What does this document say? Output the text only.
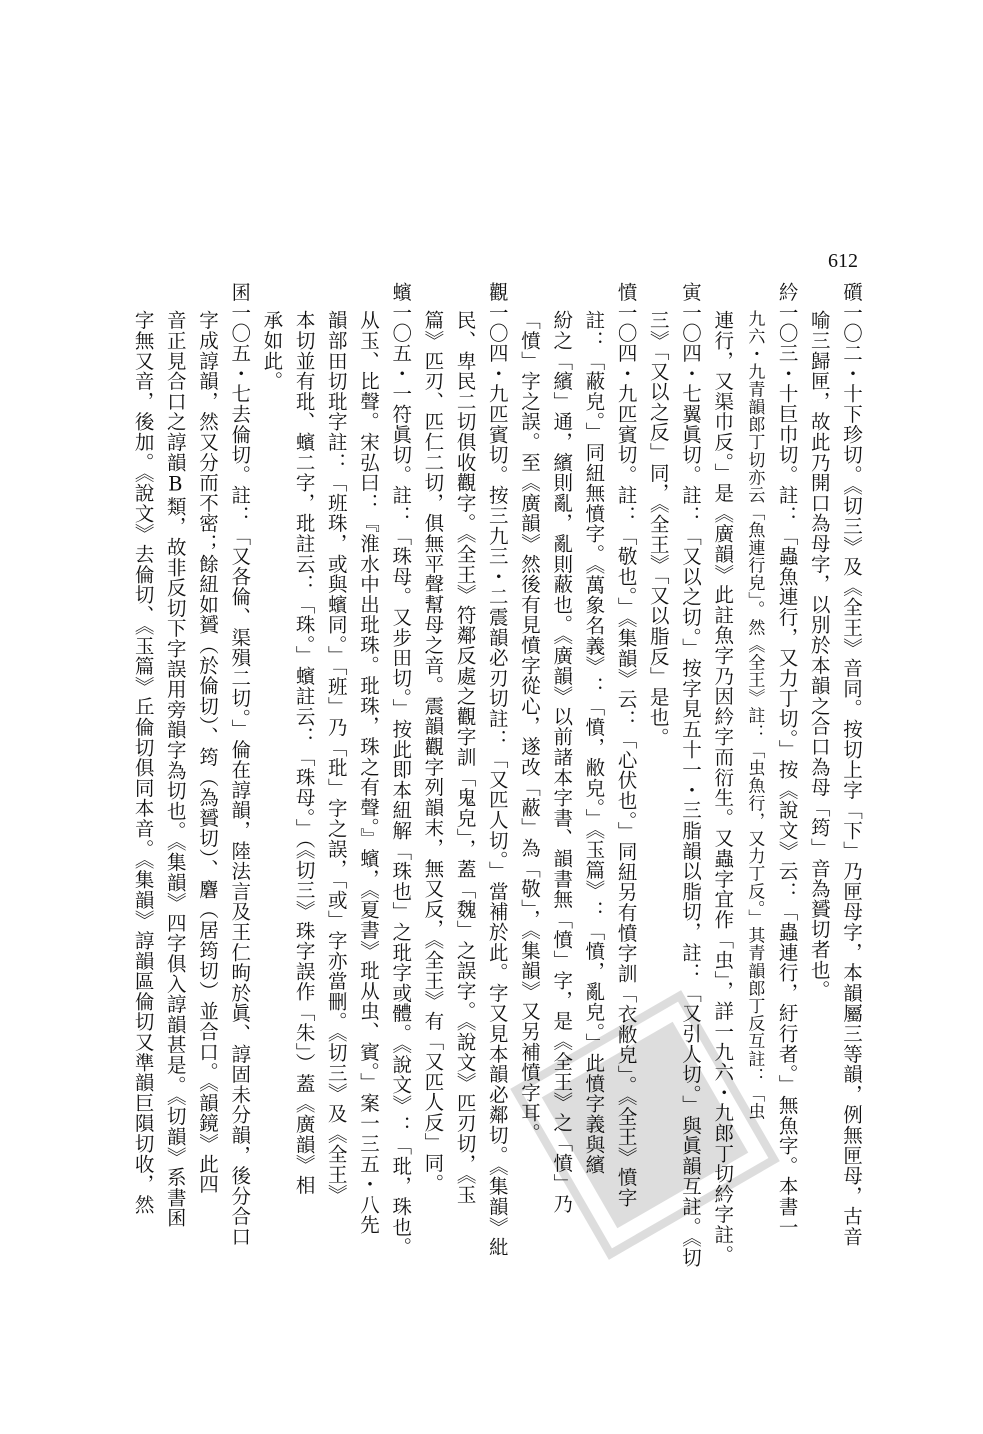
612
礩一〇二・十下珍切。《切三》及《全王》音同。按切上字「下」乃匣母字，本韻屬三等韻，例無匣母，古音
喻三歸匣，故此乃開口為母字，以別於本韻之合口為母「筠」音為贇切者也。
紟一〇三・十巨巾切。註：「蟲魚連行，又力丁切。」按《說文》云：「蟲連行，紆行者。」無魚字。本書一
九六・九青韻郎丁切亦云「魚連行皃」。然《全王》註：「虫魚行，又力丁反。」其青韻郎丁反互註：「虫
連行，又渠巾反。」是《廣韻》此註魚字乃因紟字而衍生。又蟲字宜作「虫」，詳一九六・九郎丁切紟字註。
寅一〇四・七翼眞切。註：「又以之切。」按字見五十一・三脂韻以脂切，註：「又引人切。」與眞韻互註。《切
三》「又以之反」同，《全王》「又以脂反」是也。
憤一〇四・九匹賓切。註：「敬也。」《集韻》云：「心伏也。」同紐另有憤字訓「衣敝皃」。《全王》憤字
註：「蔽皃。」同紐無憤字。《萬象名義》：「憤，敝皃。」《玉篇》：「憤，亂皃。」此憤字義與繽
紛之「繽」通，繽則亂，亂則蔽也。《廣韻》以前諸本字書、韻書無「憤」字，是《全王》之「憤」乃
「憤」字之誤。至《廣韻》然後有見憤字從心，遂改「蔽」為「敬」，《集韻》又另補憤字耳。
觀一〇四・九匹賓切。按三九三・二震韻必刃切註：「又匹人切。」當補於此。字又見本韻必鄰切。《集韻》紕
民、卑民二切俱收觀字。《全王》符鄰反處之觀字訓「鬼皃」，蓋「魏」之誤字。《說文》匹刃切，《玉
篇》匹刃、匹仁二切，俱無平聲幫母之音。震韻觀字列韻末，無又反，《全王》有「又匹人反」同。
蠙一〇五・一符眞切。註：「珠母。又步田切。」按此即本紐解「珠也」之玭字或體。《說文》：「玭，珠也。
从玉、比聲。宋弘曰：『淮水中出玭珠。玭珠，珠之有聲。』蠙，《夏書》玭从虫、賓。」案一三五・八先
韻部田切玭字註：「班珠，或與蠙同。」「班」乃「玭」字之誤，「或」字亦當刪。《切三》及《全王》
本切並有玭、蠙二字，玭註云：「珠。」蠙註云：「珠母。」（《切三》珠字誤作「朱」）蓋《廣韻》相
承如此。
囷一〇五・七去倫切。註：「又各倫、渠殞二切。」倫在諄韻，陸法言及王仁昫於眞、諄固未分韻，後分合口
字成諄韻，然又分而不密；餘紐如贇（於倫切）、筠（為贇切）、麏（居筠切）並合口。《韻鏡》此四
音正見合口之諄韻B類，故非反切下字誤用旁韻字為切也。《集韻》四字俱入諄韻甚是。《切韻》系書囷
字無又音，後加。《說文》去倫切、《玉篇》丘倫切俱同本音。《集韻》諄韻區倫切又準韻巨隕切收，然
